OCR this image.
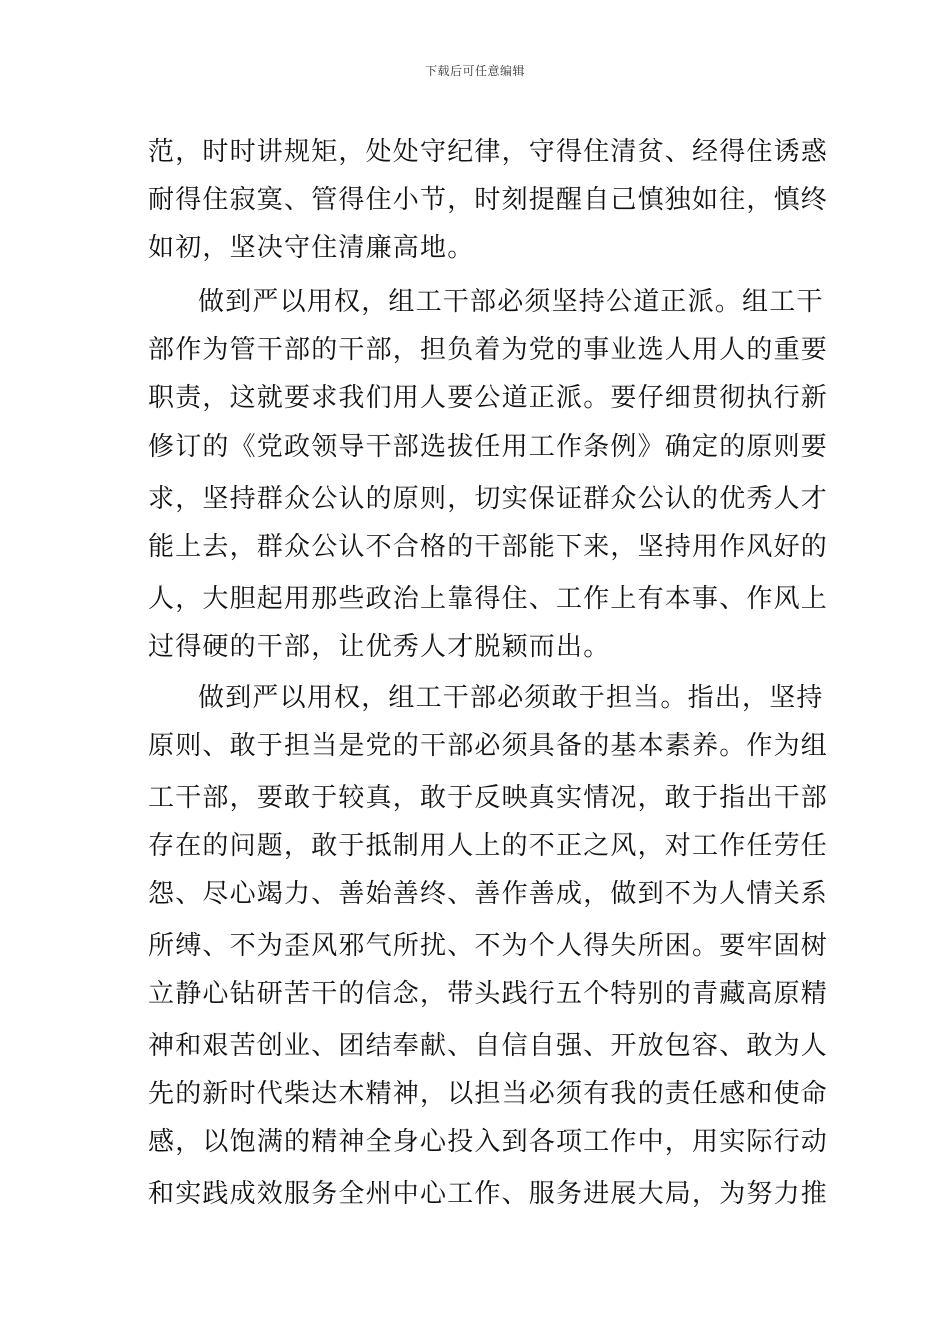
下载后可任意编辑
范，时时讲规矩，处处守纪律，守得住清贫、经得住诱惑
耐得住寂寞、管得住小节，时刻提醒自己慎独如往，慎终
如初，坚决守住清廉高地。
做到严以用权，组工干部必须坚持公道正派。组工干
部作为管干部的干部，担负着为党的事业选人用人的重要
职责，这就要求我们用人要公道正派。要仔细贯彻执行新
修订的《党政领导干部选拔任用工作条例》确定的原则要
求，坚持群众公认的原则，切实保证群众公认的优秀人才
能上去，群众公认不合格的干部能下来，坚持用作风好的
人，大胆起用那些政治上靠得住、工作上有本事、作风上
过得硬的干部，让优秀人才脱颖而出。
做到严以用权，组工干部必须敢于担当。指出，坚持
原则、敢于担当是党的干部必须具备的基本素养。作为组
工干部，要敢于较真，敢于反映真实情况，敢于指出干部
存在的问题，敢于抵制用人上的不正之风，对工作任劳任
怨、尽心竭力、善始善终、善作善成，做到不为人情关系
所缚、不为歪风邪气所扰、不为个人得失所困。要牢固树
立静心钻研苦干的信念，带头践行五个特别的青藏高原精
神和艰苦创业、团结奉献、自信自强、开放包容、敢为人
先的新时代柴达木精神，以担当必须有我的责任感和使命
感，以饱满的精神全身心投入到各项工作中，用实际行动
和实践成效服务全州中心工作、服务进展大局，为努力推
